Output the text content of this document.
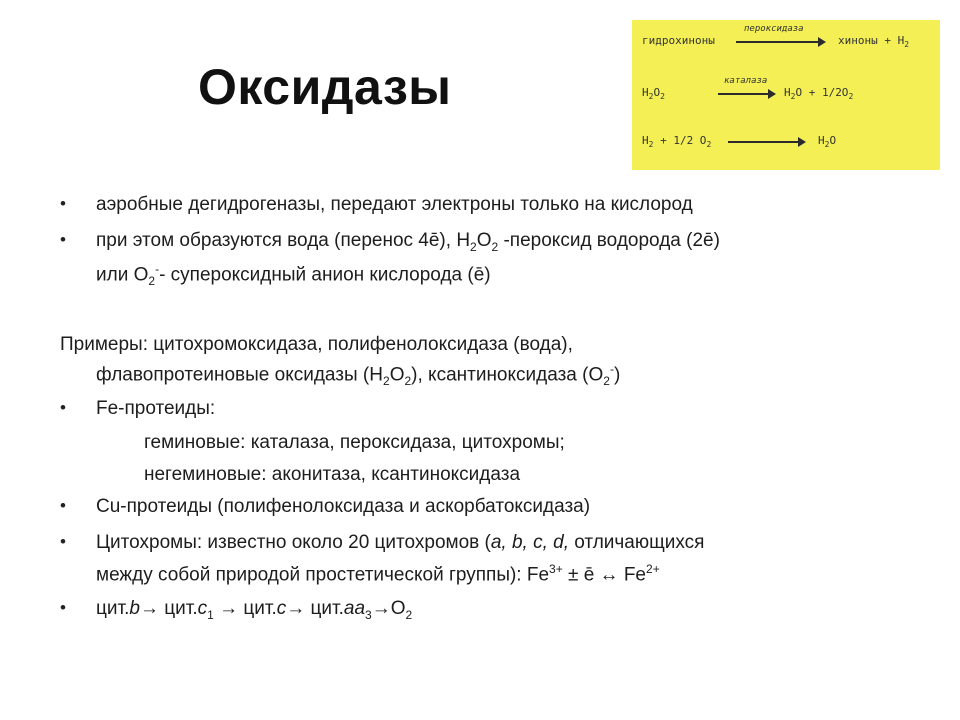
Оксидазы
гидрохиноны
пероксидаза
хиноны + $H_2$
$H_2O_2$
каталаза
$H_2O + 1/2O_2$
$H_2 + 1/2$ $O_2$	$H_2O$
• аэробные дегидрогеназы, передают электроны только на кислород
• при этом образуются вода (перенос 4ē), $H_2O_2$ -пероксид водорода (2ē)
или $O_2^--$ супероксидный анион кислорода (ē)
Примеры: цитохромоксидаза, полифенолоксидаза (вода),
флавопротеиновые оксидазы $(H_2O_2)$, ксантиноксидаза $(O_2^-)$
• Fe-протеиды:
геминовые: каталаза, пероксидаза, цитохромы;
негеминовые: аконитаза, ксантиноксидаза
• Cu-протеиды (полифенолоксидаза и аскорбатоксидаза)
• Цитохромы: известно около 20 цитохромов (a, b, c, d, отличающихся
между собой природой простетической группы): $Fe^{3+}$ ± ē ↔ $Fe^{2+}$
• $цит.b\to цит.c_1 \to цит.c\to цит.aa_3\to O_2$
